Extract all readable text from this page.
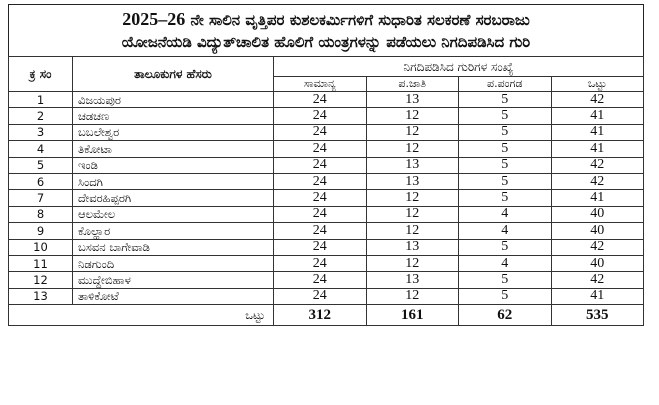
2025–26 ನೇ ಸಾಲಿನ ವೃತ್ತಿಪರ ಕುಶಲಕರ್ಮಿಗಳಿಗೆ ಸುಧಾರಿತ ಸಲಕರಣೆ ಸರಬರಾಜು
ಯೋಜನೆಯಡಿ ವಿದ್ಯುತ್‌ಚಾಲಿತ ಹೊಲಿಗೆ ಯಂತ್ರಗಳನ್ನು ಪಡೆಯಲು ನಿಗದಿಪಡಿಸಿದ ಗುರಿ
ಕ್ರ ಸಂ	ತಾಲೂಕುಗಳ ಹೆಸರು	ನಿಗದಿಪಡಿಸಿದ ಗುರಿಗಳ ಸಂಖ್ಯೆ			
		ಸಾಮಾನ್ಯ	ಪ.ಜಾತಿ	ಪ.ಪಂಗಡ	ಒಟ್ಟು
1	ವಿಜಯಪುರ	24	13	5	42
2	ಚಡಚಣ	24	12	5	41
3	ಬಬಲೇಶ್ವರ	24	12	5	41
4	ತಿಕೋಟಾ	24	12	5	41
5	ಇಂಡಿ	24	13	5	42
6	ಸಿಂದಗಿ	24	13	5	42
7	ದೇವರಹಿಪ್ಪರಗಿ	24	12	5	41
8	ಆಲಮೇಲ	24	12	4	40
9	ಕೊಲ್ಹಾರ	24	12	4	40
10	ಬಸವನ ಬಾಗೇವಾಡಿ	24	13	5	42
11	ನಿಡಗುಂದಿ	24	12	4	40
12	ಮುದ್ದೇಬಿಹಾಳ	24	13	5	42
13	ತಾಳಿಕೋಟೆ	24	12	5	41
ಒಟ್ಟು		312	161	62	535
